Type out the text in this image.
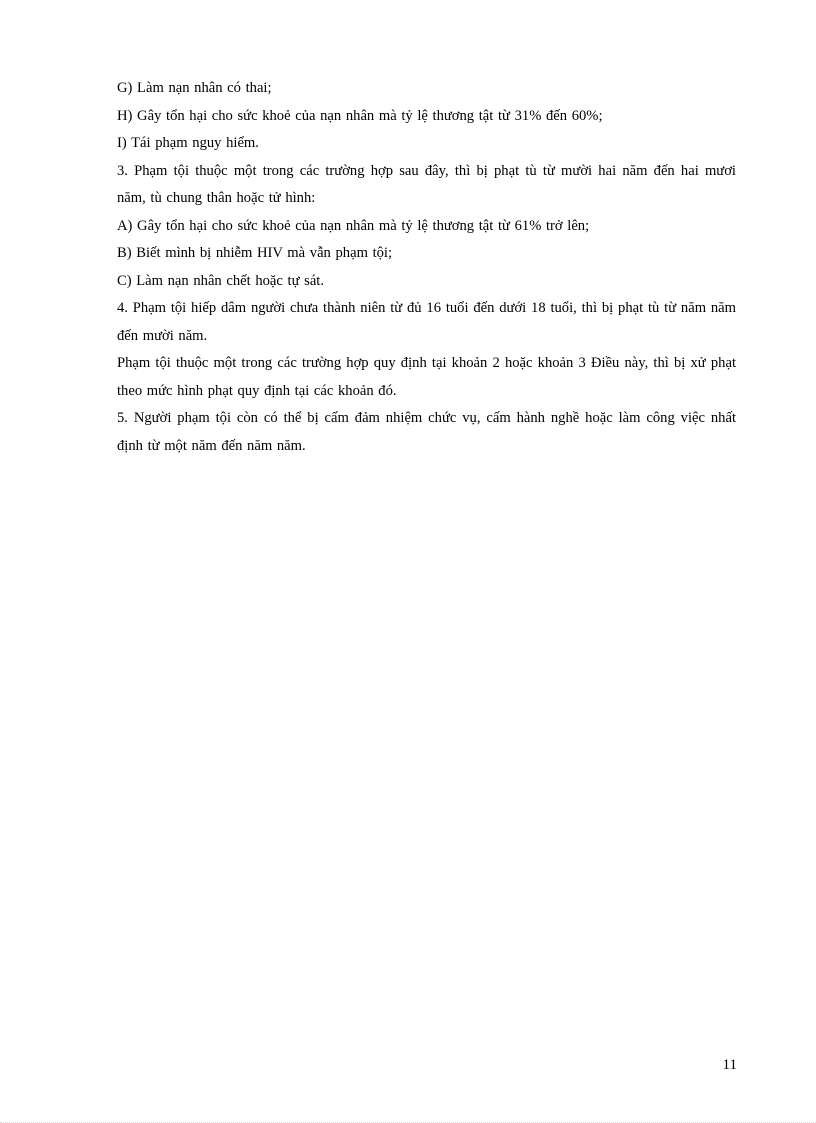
G) Làm nạn nhân có thai;

H) Gây tổn hại cho sức khoẻ của nạn nhân mà tỷ lệ thương tật từ 31% đến 60%;

I) Tái phạm nguy hiểm.

3. Phạm tội thuộc một trong các trường hợp sau đây, thì bị phạt tù từ mười hai năm đến hai mươi năm, tù chung thân hoặc tử hình:

A) Gây tổn hại cho sức khoẻ của nạn nhân mà tỷ lệ thương tật từ 61% trở lên;

B) Biết mình bị nhiễm HIV mà vẫn phạm tội;

C) Làm nạn nhân chết hoặc tự sát.

4. Phạm tội hiếp dâm người chưa thành niên từ đủ 16 tuổi đến dưới 18 tuổi, thì bị phạt tù từ năm năm đến mười năm.

Phạm tội thuộc một trong các trường hợp quy định tại khoản 2 hoặc khoản 3 Điều này, thì bị xử phạt theo mức hình phạt quy định tại các khoản đó.

5. Người phạm tội còn có thể bị cấm đảm nhiệm chức vụ, cấm hành nghề hoặc làm công việc nhất định từ một năm đến năm năm.

11
